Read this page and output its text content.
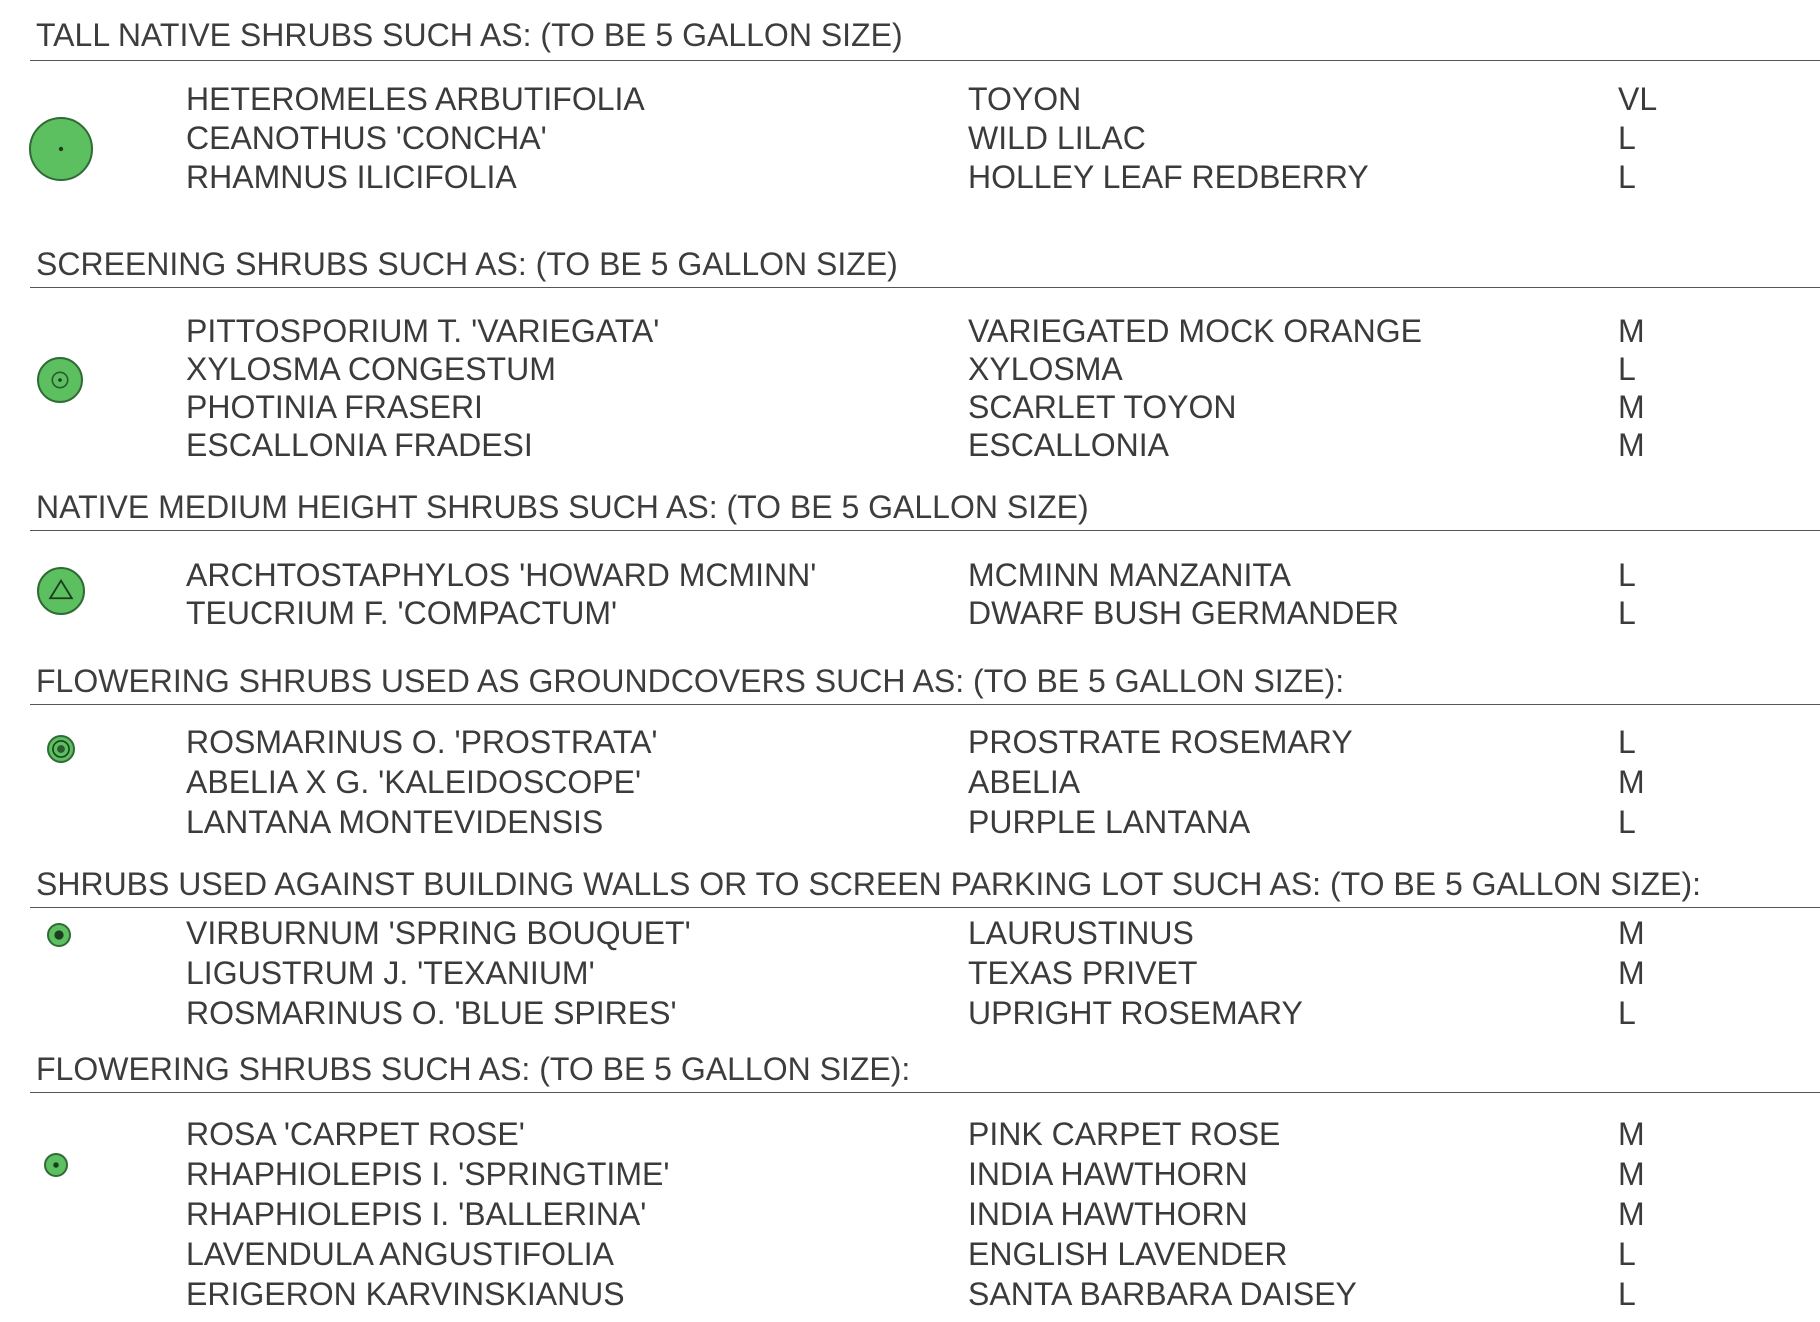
TALL NATIVE SHRUBS SUCH AS: (TO BE 5 GALLON SIZE)
HETEROMELES ARBUTIFOLIA	TOYON	VL
CEANOTHUS 'CONCHA'	WILD LILAC	L
RHAMNUS ILICIFOLIA	HOLLEY LEAF REDBERRY	L
SCREENING SHRUBS SUCH AS: (TO BE 5 GALLON SIZE)
PITTOSPORIUM T. 'VARIEGATA'	VARIEGATED MOCK ORANGE	M
XYLOSMA CONGESTUM	XYLOSMA	L
PHOTINIA FRASERI	SCARLET TOYON	M
ESCALLONIA FRADESI	ESCALLONIA	M
NATIVE MEDIUM HEIGHT SHRUBS SUCH AS: (TO BE 5 GALLON SIZE)
ARCHTOSTAPHYLOS 'HOWARD MCMINN'	MCMINN MANZANITA	L
TEUCRIUM F. 'COMPACTUM'	DWARF BUSH GERMANDER	L
FLOWERING SHRUBS USED AS GROUNDCOVERS SUCH AS: (TO BE 5 GALLON SIZE):
ROSMARINUS O. 'PROSTRATA'	PROSTRATE ROSEMARY	L
ABELIA X G. 'KALEIDOSCOPE'	ABELIA	M
LANTANA MONTEVIDENSIS	PURPLE LANTANA	L
SHRUBS USED AGAINST BUILDING WALLS OR TO SCREEN PARKING LOT SUCH AS: (TO BE 5 GALLON SIZE):
VIRBURNUM 'SPRING BOUQUET'	LAURUSTINUS	M
LIGUSTRUM J. 'TEXANIUM'	TEXAS PRIVET	M
ROSMARINUS O. 'BLUE SPIRES'	UPRIGHT ROSEMARY	L
FLOWERING SHRUBS SUCH AS: (TO BE 5 GALLON SIZE):
ROSA 'CARPET ROSE'	PINK CARPET ROSE	M
RHAPHIOLEPIS I. 'SPRINGTIME'	INDIA HAWTHORN	M
RHAPHIOLEPIS I. 'BALLERINA'	INDIA HAWTHORN	M
LAVENDULA ANGUSTIFOLIA	ENGLISH LAVENDER	L
ERIGERON KARVINSKIANUS	SANTA BARBARA DAISEY	L
